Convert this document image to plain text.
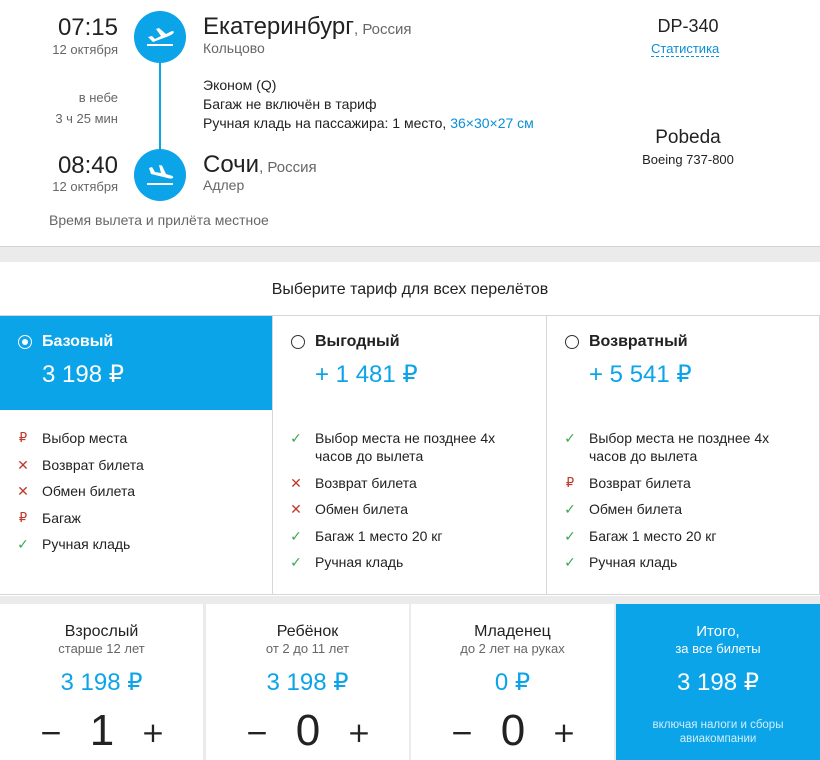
07:15
12 октября
Екатеринбург, Россия
Кольцово
в небе
3 ч 25 мин
Эконом (Q)
Багаж не включён в тариф
Ручная кладь на пассажира: 1 место, 36×30×27 см
08:40
12 октября
Сочи, Россия
Адлер
Время вылета и прилёта местное
DP-340
Статистика
Pobeda
Boeing 737-800
Выберите тариф для всех перелётов
Базовый
3 198 ₽
₽ Выбор места
✕ Возврат билета
✕ Обмен билета
₽ Багаж
✓ Ручная кладь
Выгодный
+ 1 481 ₽
✓ Выбор места не позднее 4х часов до вылета
✕ Возврат билета
✕ Обмен билета
✓ Багаж 1 место 20 кг
✓ Ручная кладь
Возвратный
+ 5 541 ₽
✓ Выбор места не позднее 4х часов до вылета
₽ Возврат билета
✓ Обмен билета
✓ Багаж 1 место 20 кг
✓ Ручная кладь
Взрослый
старше 12 лет
3 198 ₽
− 1 +
Ребёнок
от 2 до 11 лет
3 198 ₽
− 0 +
Младенец
до 2 лет на руках
0 ₽
− 0 +
Итого,
за все билеты
3 198 ₽
включая налоги и сборы авиакомпании
